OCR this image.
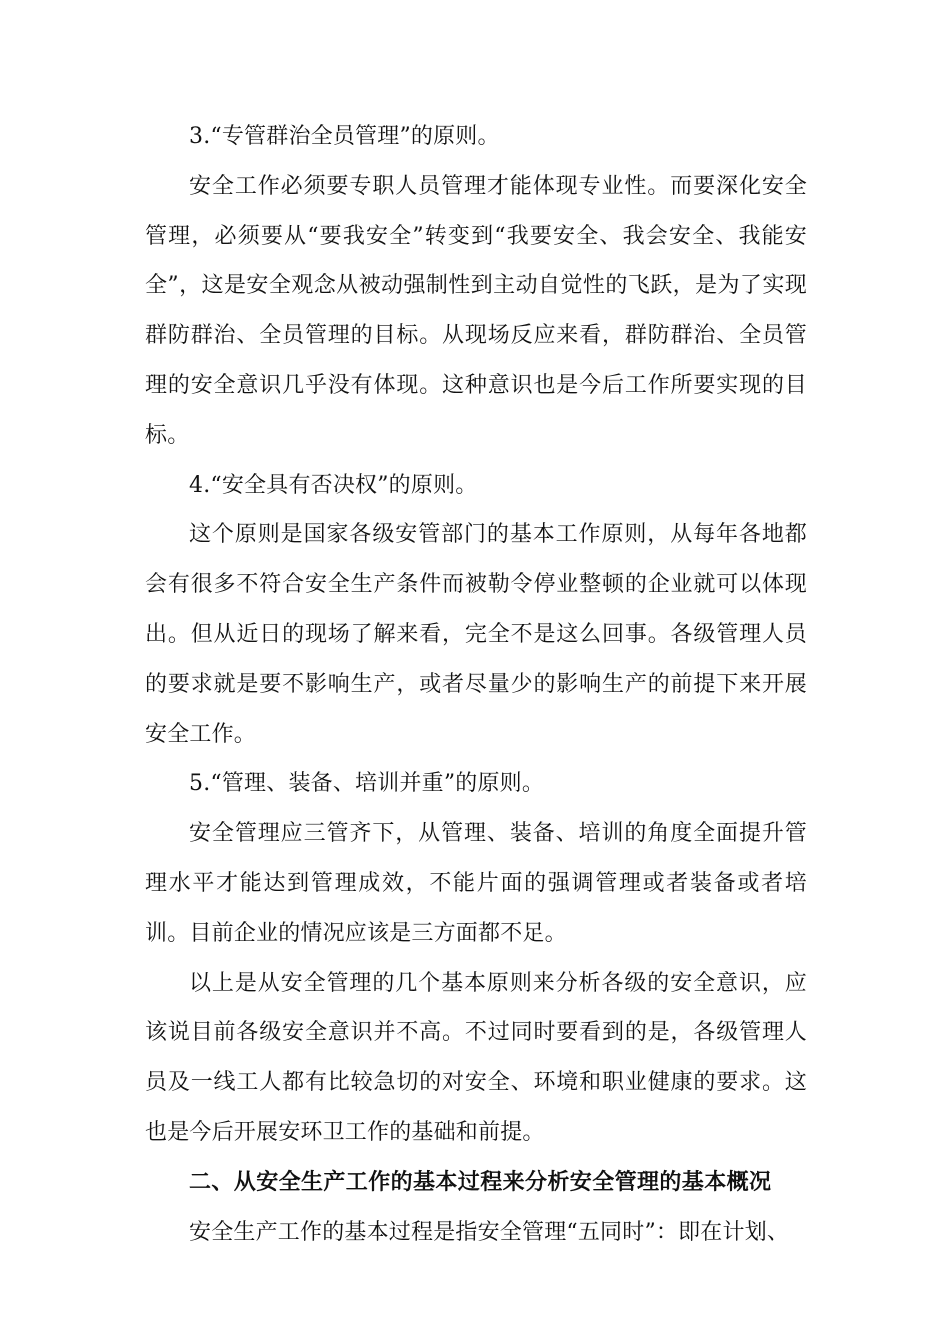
3.“专管群治全员管理”的原则。

安全工作必须要专职人员管理才能体现专业性。而要深化安全管理，必须要从“要我安全”转变到“我要安全、我会安全、我能安全”，这是安全观念从被动强制性到主动自觉性的飞跃，是为了实现群防群治、全员管理的目标。从现场反应来看，群防群治、全员管理的安全意识几乎没有体现。这种意识也是今后工作所要实现的目标。

4.“安全具有否决权”的原则。

这个原则是国家各级安管部门的基本工作原则，从每年各地都会有很多不符合安全生产条件而被勒令停业整顿的企业就可以体现出。但从近日的现场了解来看，完全不是这么回事。各级管理人员的要求就是要不影响生产，或者尽量少的影响生产的前提下来开展安全工作。

5.“管理、装备、培训并重”的原则。

安全管理应三管齐下，从管理、装备、培训的角度全面提升管理水平才能达到管理成效，不能片面的强调管理或者装备或者培训。目前企业的情况应该是三方面都不足。

以上是从安全管理的几个基本原则来分析各级的安全意识，应该说目前各级安全意识并不高。不过同时要看到的是，各级管理人员及一线工人都有比较急切的对安全、环境和职业健康的要求。这也是今后开展安环卫工作的基础和前提。

二、从安全生产工作的基本过程来分析安全管理的基本概况

安全生产工作的基本过程是指安全管理“五同时”：即在计划、
